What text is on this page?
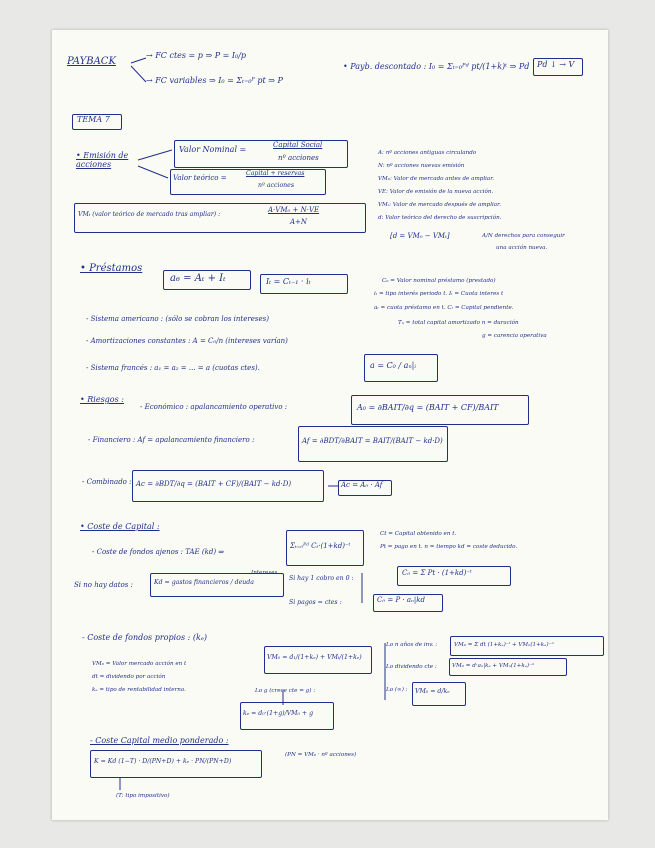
PAYBACK
→ FC ctes = p ⇒ P = I₀/p
→ FC variables ⇒ I₀ = Σₜ₌₀ᴾ pt ⇒ P
• Payb. descontado : I₀ = Σₜ₌₀ᴾᵈ pt/(1+k)ᵗ ⇒ Pd Pd ↓ → V
TEMA 7
• Emisión de acciones
Valor Nominal =	Capital Social
nº acciones
Valor teórico =
Capital + reservas
nº acciones
VMₜ (valor teórico de mercado tras ampliar) :
A·VM₀ + N·VE
A+N
A: nº acciones antiguas circulando
N: nº acciones nuevas emisión
VM₀: Valor de mercado antes de ampliar.
VE: Valor de emisión de la nueva acción.
VMₜ: Valor de mercado después de ampliar.
d: Valor teórico del derecho de suscripción.
[d = VM₀ − VMₜ]	A/N derechos para conseguir
una acción nueva.
• Préstamos
a₆ = Aₜ + Iₜ	Iₜ = Cₜ₋₁ · iₜ	C₀ = Valor nominal préstamo (prestado)
iₜ = tipo interés periodo t. Iₜ = Cuota interes t
aₜ = cuota préstamo en t. Cₜ = Capital pendiente.
Tₙ = total capital amortizado n = duración
g = carencia operativa
- Sistema americano : (sólo se cobran los intereses)
- Amortizaciones constantes : A = C₀/n (intereses varían)
- Sistema francés : a₁ = a₂ = ... = a (cuotas ctes).	a = C₀ / aₙ|ᵢ
• Riesgos :
- Económico : apalancamiento operativo :	A₀ = ∂BAIT/∂q = (BAIT + CF)/BAIT
- Financiero : Af = apalancamiento financiero :	Af = ∂BDT/∂BAIT = BAIT/(BAIT − kd·D)
- Combinado : Ac = ∂BDT/∂q = (BAIT + CF)/(BAIT − kd·D)	Ac = A₀ · Af
• Coste de Capital :
- Coste de fondos ajenos : TAE (kd) ⇒
Σₜ₌₀ᴾᵈ Cₜ·(1+kd)⁻ᵗ
Ct = Capital obtenido en t.
Pt = pago en t. n = tiempo kd = coste deducido.
Si no hay datos :	Kd = gastos financieros / deuda
Intereses
Si hay 1 cobro en 0 :
C₀ = Σ Pt · (1+kd)⁻ᵗ
Si pagos = ctes :	C₀ = P · aₙ|kd
- Coste de fondos propios : (kₑ)
VM₀ = Valor mercado acción en t
dt = dividendo por acción
kₑ = tipo de rentabilidad interna.
VM₀ = d₁/(1+kₑ) + VMₜ/(1+kₑ)
Lo n años de inv. :	VM₀ = Σ dt (1+kₑ)⁻ᵗ + VMₙ(1+kₑ)⁻ⁿ
Lo dividendo cte :	VM₀ = d·aₙ|kₑ + VMₙ(1+kₑ)⁻ⁿ
Lo (∞) : VM₀ = d/kₑ
Lo g (crece cte = g) :
kₑ = d₀·(1+g)/VM₀ + g
- Coste Capital medio ponderado :
K = Kd (1−T) · D/(PN+D) + kₑ · PN/(PN+D)
(PN = VM₀ · nº acciones)
(T: tipo impositivo)
